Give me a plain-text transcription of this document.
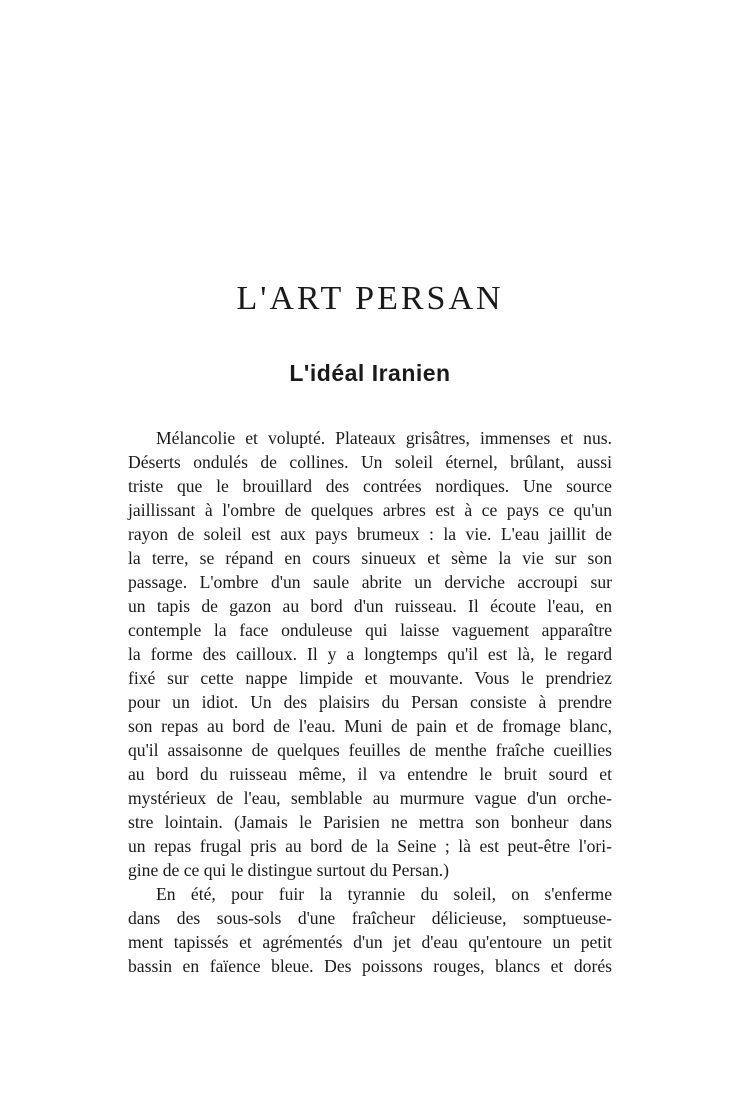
L'ART PERSAN
L'idéal Iranien
Mélancolie et volupté. Plateaux grisâtres, immenses et nus.
Déserts ondulés de collines. Un soleil éternel, brûlant, aussi
triste que le brouillard des contrées nordiques. Une source
jaillissant à l'ombre de quelques arbres est à ce pays ce qu'un
rayon de soleil est aux pays brumeux : la vie. L'eau jaillit de
la terre, se répand en cours sinueux et sème la vie sur son
passage. L'ombre d'un saule abrite un derviche accroupi sur
un tapis de gazon au bord d'un ruisseau. Il écoute l'eau, en
contemple la face onduleuse qui laisse vaguement apparaître
la forme des cailloux. Il y a longtemps qu'il est là, le regard
fixé sur cette nappe limpide et mouvante. Vous le prendriez
pour un idiot. Un des plaisirs du Persan consiste à prendre
son repas au bord de l'eau. Muni de pain et de fromage blanc,
qu'il assaisonne de quelques feuilles de menthe fraîche cueillies
au bord du ruisseau même, il va entendre le bruit sourd et
mystérieux de l'eau, semblable au murmure vague d'un orche-
stre lointain. (Jamais le Parisien ne mettra son bonheur dans
un repas frugal pris au bord de la Seine ; là est peut-être l'ori-
gine de ce qui le distingue surtout du Persan.)
En été, pour fuir la tyrannie du soleil, on s'enferme
dans des sous-sols d'une fraîcheur délicieuse, somptueuse-
ment tapissés et agrémentés d'un jet d'eau qu'entoure un petit
bassin en faïence bleue. Des poissons rouges, blancs et dorés
